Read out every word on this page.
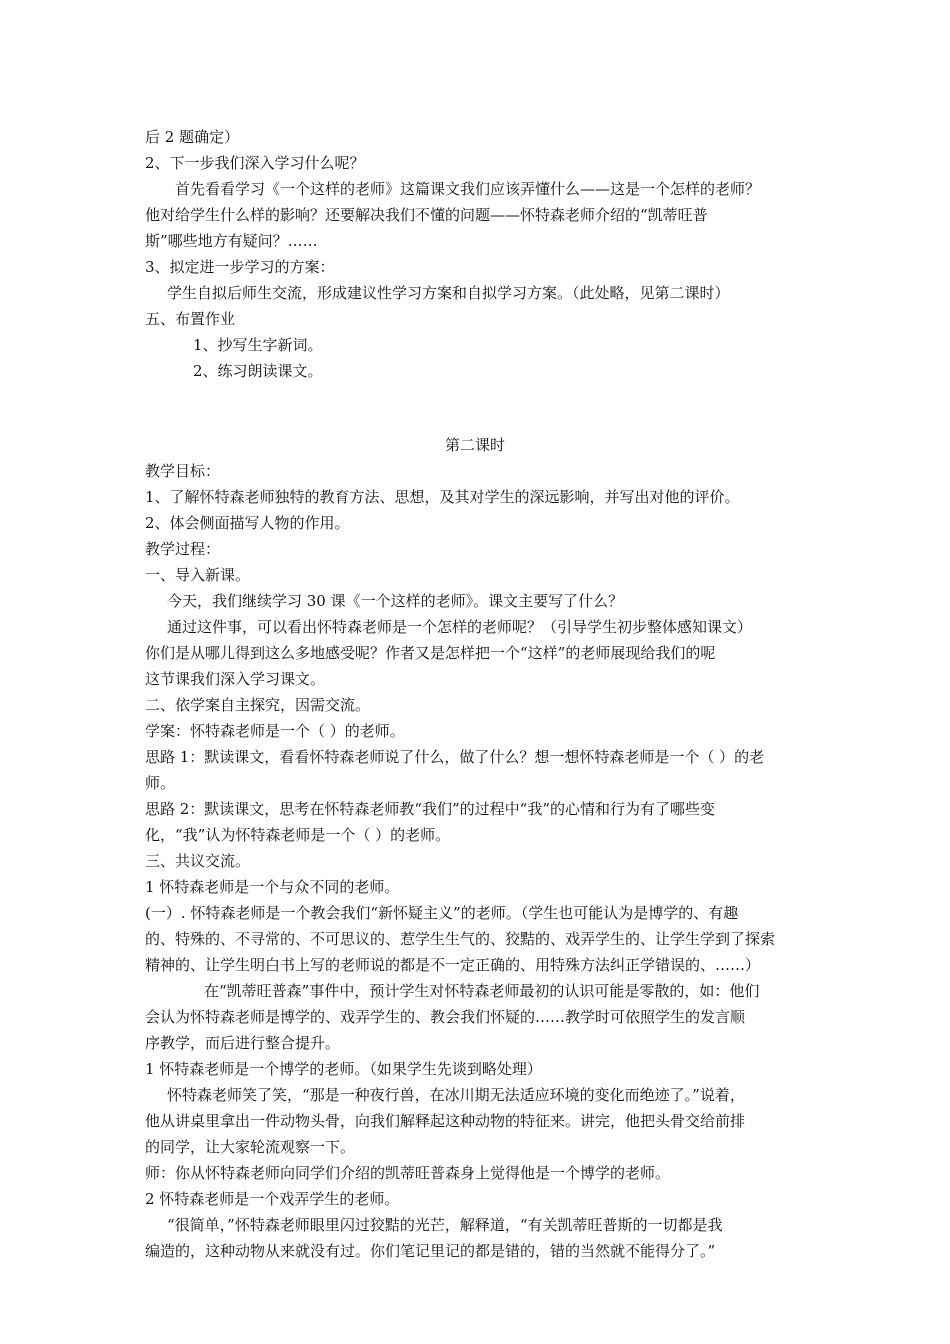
后 2 题确定）
2、下一步我们深入学习什么呢？
首先看看学习《一个这样的老师》这篇课文我们应该弄懂什么——这是一个怎样的老师？
他对给学生什么样的影响？还要解决我们不懂的问题——怀特森老师介绍的“凯蒂旺普
斯”哪些地方有疑问？……
3、拟定进一步学习的方案：
学生自拟后师生交流，形成建议性学习方案和自拟学习方案。（此处略，见第二课时）
五、布置作业
1、抄写生字新词。
2、练习朗读课文。
第二课时
教学目标：
1、了解怀特森老师独特的教育方法、思想，及其对学生的深远影响，并写出对他的评价。
2、体会侧面描写人物的作用。
教学过程：
一、导入新课。
今天，我们继续学习 30 课《一个这样的老师》。课文主要写了什么？
通过这件事，可以看出怀特森老师是一个怎样的老师呢？（引导学生初步整体感知课文）
你们是从哪儿得到这么多地感受呢？作者又是怎样把一个“这样”的老师展现给我们的呢
这节课我们深入学习课文。
二、依学案自主探究，因需交流。
学案：怀特森老师是一个（ ）的老师。
思路 1：默读课文，看看怀特森老师说了什么，做了什么？想一想怀特森老师是一个（ ）的老
师。
思路 2：默读课文，思考在怀特森老师教“我们”的过程中“我”的心情和行为有了哪些变
化，“我”认为怀特森老师是一个（ ）的老师。
三、共议交流。
1 怀特森老师是一个与众不同的老师。
(一）. 怀特森老师是一个教会我们“新怀疑主义”的老师。（学生也可能认为是博学的、有趣
的、特殊的、不寻常的、不可思议的、惹学生生气的、狡黠的、戏弄学生的、让学生学到了探索
精神的、让学生明白书上写的老师说的都是不一定正确的、用特殊方法纠正学错误的、……）
在“凯蒂旺普森”事件中，预计学生对怀特森老师最初的认识可能是零散的，如：他们
会认为怀特森老师是博学的、戏弄学生的、教会我们怀疑的……教学时可依照学生的发言顺
序教学，而后进行整合提升。
1 怀特森老师是一个博学的老师。（如果学生先谈到略处理）
怀特森老师笑了笑，“那是一种夜行兽，在冰川期无法适应环境的变化而绝迹了。”说着，
他从讲桌里拿出一件动物头骨，向我们解释起这种动物的特征来。讲完，他把头骨交给前排
的同学，让大家轮流观察一下。
师：你从怀特森老师向同学们介绍的凯蒂旺普森身上觉得他是一个博学的老师。
2 怀特森老师是一个戏弄学生的老师。
“很简单，”怀特森老师眼里闪过狡黠的光芒，解释道，“有关凯蒂旺普斯的一切都是我
编造的，这种动物从来就没有过。你们笔记里记的都是错的，错的当然就不能得分了。”
